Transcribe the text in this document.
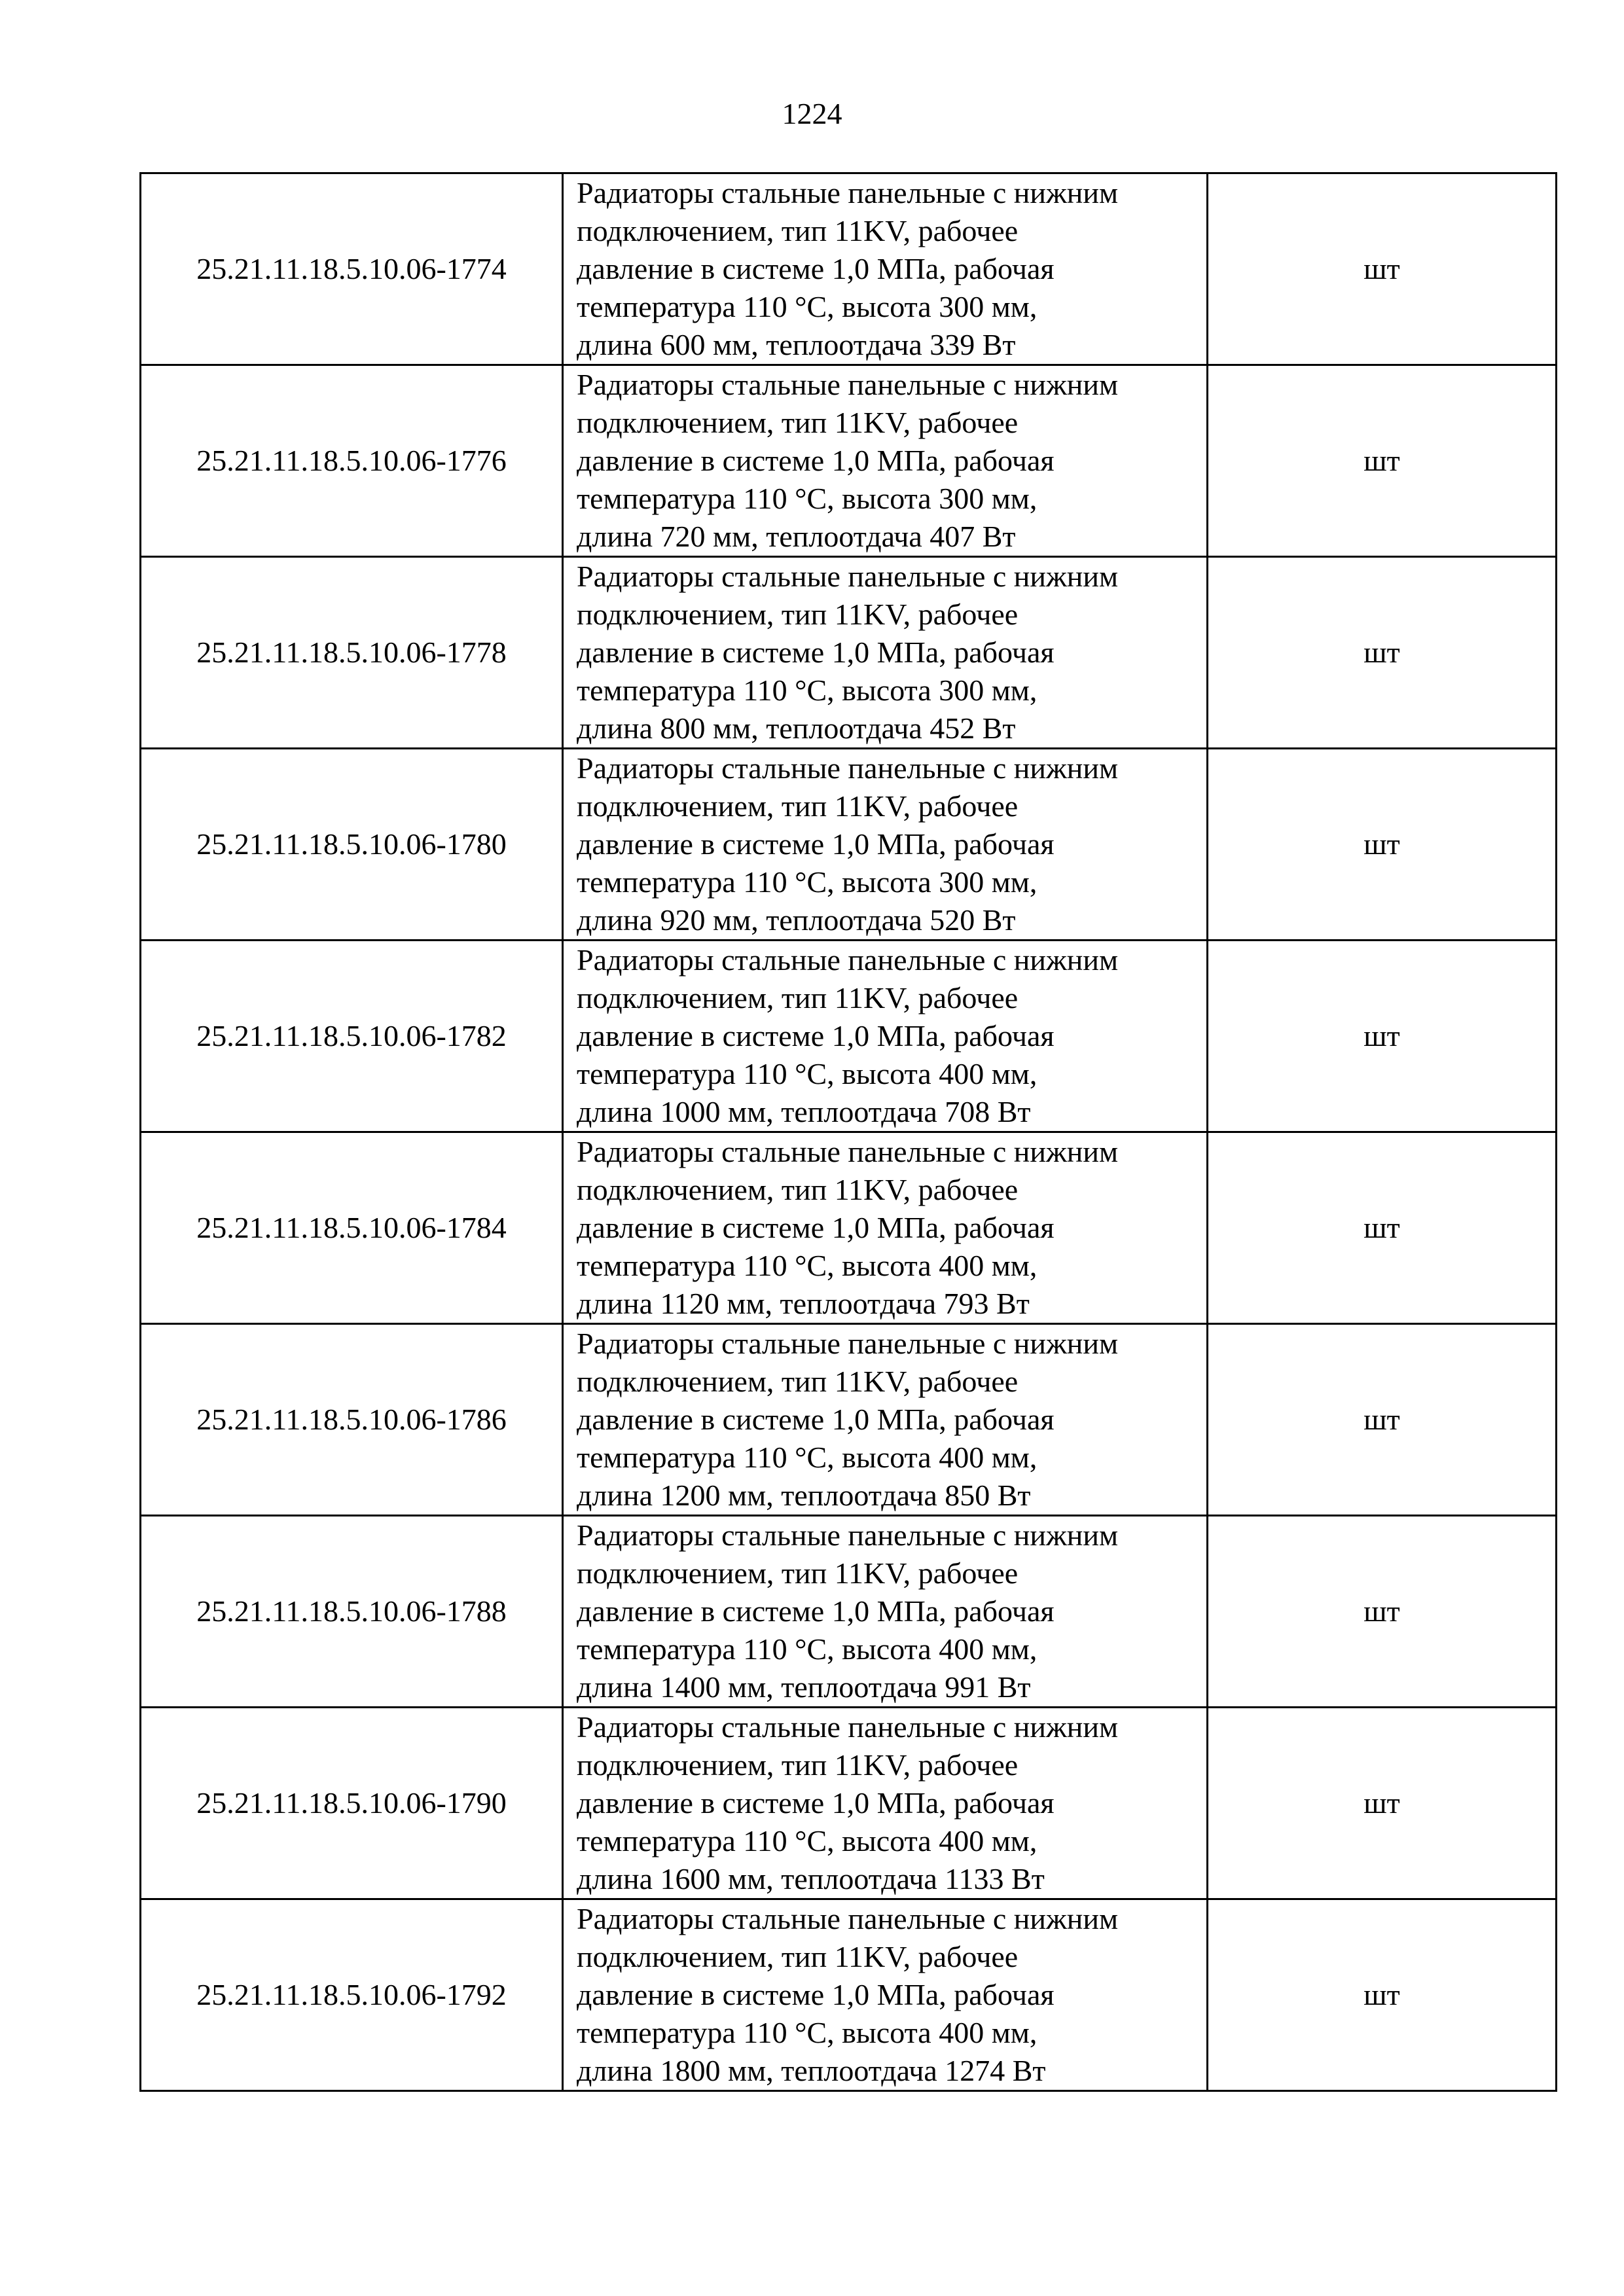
1224
25.21.11.18.5.10.06-1774	Радиаторы стальные панельные с нижним
подключением, тип 11KV, рабочее
давление в системе 1,0 МПа, рабочая
температура 110 °С, высота 300 мм,
длина 600 мм, теплоотдача 339 Вт	шт
25.21.11.18.5.10.06-1776	Радиаторы стальные панельные с нижним
подключением, тип 11KV, рабочее
давление в системе 1,0 МПа, рабочая
температура 110 °С, высота 300 мм,
длина 720 мм, теплоотдача 407 Вт	шт
25.21.11.18.5.10.06-1778	Радиаторы стальные панельные с нижним
подключением, тип 11KV, рабочее
давление в системе 1,0 МПа, рабочая
температура 110 °С, высота 300 мм,
длина 800 мм, теплоотдача 452 Вт	шт
25.21.11.18.5.10.06-1780	Радиаторы стальные панельные с нижним
подключением, тип 11KV, рабочее
давление в системе 1,0 МПа, рабочая
температура 110 °С, высота 300 мм,
длина 920 мм, теплоотдача 520 Вт	шт
25.21.11.18.5.10.06-1782	Радиаторы стальные панельные с нижним
подключением, тип 11KV, рабочее
давление в системе 1,0 МПа, рабочая
температура 110 °С, высота 400 мм,
длина 1000 мм, теплоотдача 708 Вт	шт
25.21.11.18.5.10.06-1784	Радиаторы стальные панельные с нижним
подключением, тип 11KV, рабочее
давление в системе 1,0 МПа, рабочая
температура 110 °С, высота 400 мм,
длина 1120 мм, теплоотдача 793 Вт	шт
25.21.11.18.5.10.06-1786	Радиаторы стальные панельные с нижним
подключением, тип 11KV, рабочее
давление в системе 1,0 МПа, рабочая
температура 110 °С, высота 400 мм,
длина 1200 мм, теплоотдача 850 Вт	шт
25.21.11.18.5.10.06-1788	Радиаторы стальные панельные с нижним
подключением, тип 11KV, рабочее
давление в системе 1,0 МПа, рабочая
температура 110 °С, высота 400 мм,
длина 1400 мм, теплоотдача 991 Вт	шт
25.21.11.18.5.10.06-1790	Радиаторы стальные панельные с нижним
подключением, тип 11KV, рабочее
давление в системе 1,0 МПа, рабочая
температура 110 °С, высота 400 мм,
длина 1600 мм, теплоотдача 1133 Вт	шт
25.21.11.18.5.10.06-1792	Радиаторы стальные панельные с нижним
подключением, тип 11KV, рабочее
давление в системе 1,0 МПа, рабочая
температура 110 °С, высота 400 мм,
длина 1800 мм, теплоотдача 1274 Вт	шт
